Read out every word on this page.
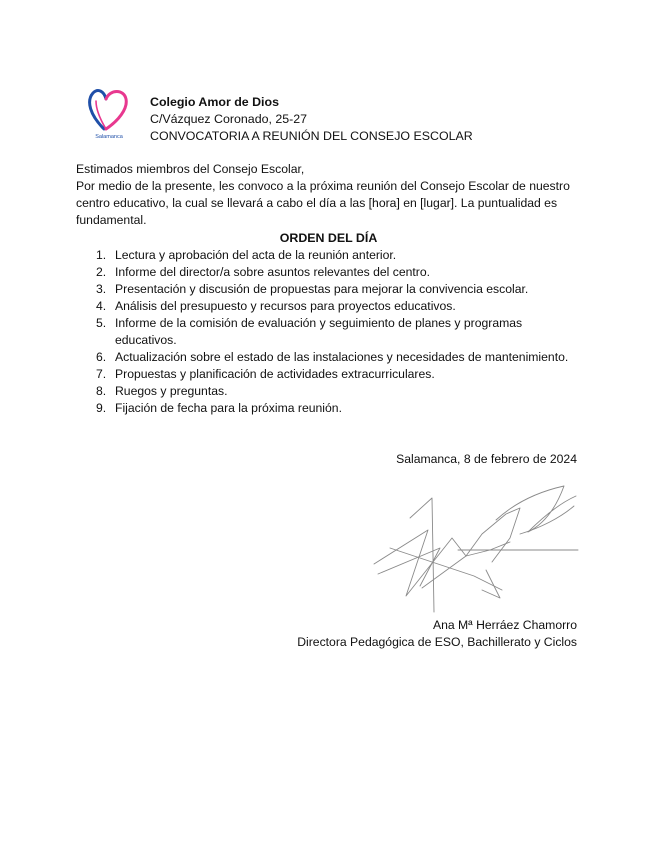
Salamanca
Colegio Amor de Dios
C/Vázquez Coronado, 25-27
CONVOCATORIA A REUNIÓN DEL CONSEJO ESCOLAR
Estimados miembros del Consejo Escolar,
Por medio de la presente, les convoco a la próxima reunión del Consejo Escolar de nuestro centro educativo, la cual se llevará a cabo el día a las [hora] en [lugar]. La puntualidad es fundamental.
ORDEN DEL DÍA
1. Lectura y aprobación del acta de la reunión anterior.
2. Informe del director/a sobre asuntos relevantes del centro.
3. Presentación y discusión de propuestas para mejorar la convivencia escolar.
4. Análisis del presupuesto y recursos para proyectos educativos.
5. Informe de la comisión de evaluación y seguimiento de planes y programas educativos.
6. Actualización sobre el estado de las instalaciones y necesidades de mantenimiento.
7. Propuestas y planificación de actividades extracurriculares.
8. Ruegos y preguntas.
9. Fijación de fecha para la próxima reunión.
Salamanca, 8 de febrero de 2024
Ana Mª Herráez Chamorro
Directora Pedagógica de ESO, Bachillerato y Ciclos
